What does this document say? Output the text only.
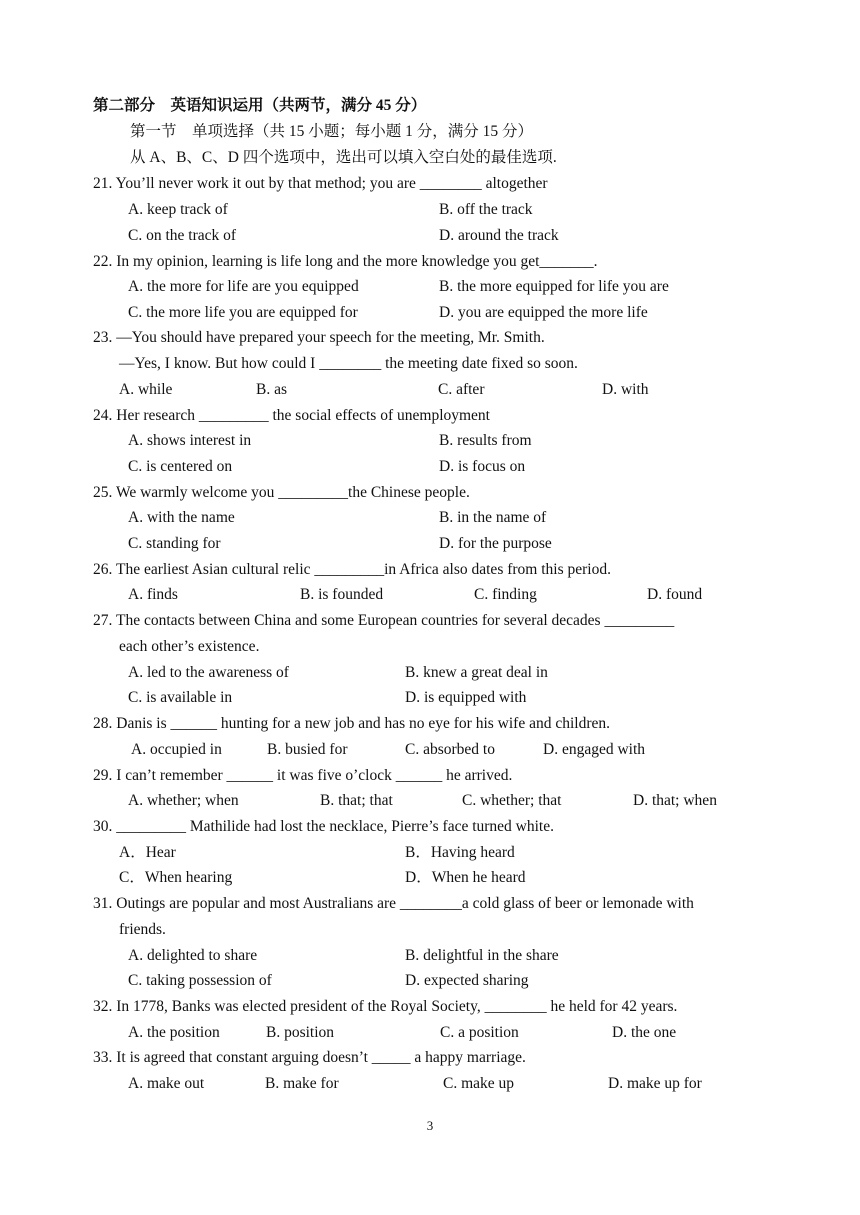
第二部分　英语知识运用（共两节，满分 45 分）
第一节　单项选择（共 15 小题；每小题 1 分，满分 15 分）
从 A、B、C、D 四个选项中，选出可以填入空白处的最佳选项.
21. You’ll never work it out by that method; you are ________ altogether
A. keep track of	B. off the track
C. on the track of	D. around the track
22. In my opinion, learning is life long and the more knowledge you get_______.
A. the more for life are you equipped	B. the more equipped for life you are
C. the more life you are equipped for	D. you are equipped the more life
23. —You should have prepared your speech for the meeting, Mr. Smith.
—Yes, I know. But how could I ________ the meeting date fixed so soon.
A. while	B. as	C. after	D. with
24. Her research _________ the social effects of unemployment
A. shows interest in	B. results from
C. is centered on	D. is focus on
25. We warmly welcome you _________the Chinese people.
A. with the name	B. in the name of
C. standing for	D. for the purpose
26. The earliest Asian cultural relic _________in Africa also dates from this period.
A. finds	B. is founded	C. finding	D. found
27. The contacts between China and some European countries for several decades _________
each other’s existence.
A. led to the awareness of	B. knew a great deal in
C. is available in	D. is equipped with
28. Danis is ______ hunting for a new job and has no eye for his wife and children.
A. occupied in	B. busied for	C. absorbed to	D. engaged with
29. I can’t remember ______ it was five o’clock ______ he arrived.
A. whether; when	B. that; that	C. whether; that	D. that; when
30. _________ Mathilide had lost the necklace, Pierre’s face turned white.
A．Hear	B．Having heard
C．When hearing	D．When he heard
31. Outings are popular and most Australians are ________a cold glass of beer or lemonade with
friends.
A. delighted to share	B. delightful in the share
C. taking possession of	D. expected sharing
32. In 1778, Banks was elected president of the Royal Society, ________ he held for 42 years.
A. the position	B. position	C. a position	D. the one
33. It is agreed that constant arguing doesn’t _____ a happy marriage.
A. make out	B. make for	C. make up	D. make up for
3
